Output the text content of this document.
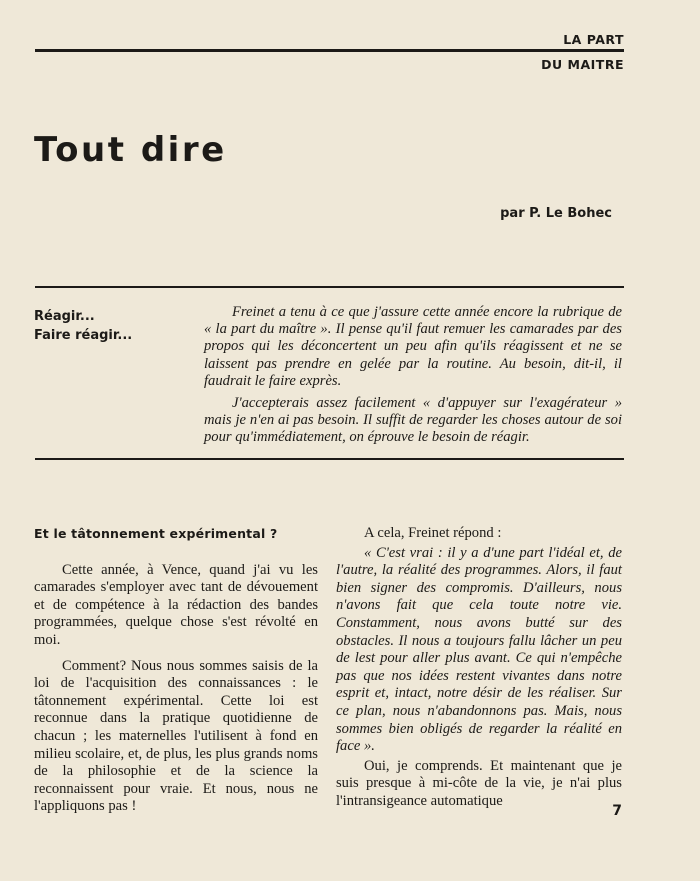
LA PART
DU MAITRE
Tout dire
par P. Le Bohec
Réagir...
Faire réagir...

Freinet a tenu à ce que j'assure cette année encore la rubrique de « la part du maître ». Il pense qu'il faut remuer les camarades par des propos qui les déconcertent un peu afin qu'ils réagissent et ne se laissent pas prendre en gelée par la routine. Au besoin, dit-il, il faudrait le faire exprès.

J'accepterais assez facilement « d'appuyer sur l'exagérateur » mais je n'en ai pas besoin. Il suffit de regarder les choses autour de soi pour qu'immédiatement, on éprouve le besoin de réagir.

Et le tâtonnement expérimental ?

Cette année, à Vence, quand j'ai vu les camarades s'employer avec tant de dévouement et de compétence à la rédaction des bandes programmées, quelque chose s'est révolté en moi.

Comment? Nous nous sommes saisis de la loi de l'acquisition des connaissances : le tâtonnement expérimental. Cette loi est reconnue dans la pratique quotidienne de chacun ; les maternelles l'utilisent à fond en milieu scolaire, et, de plus, les plus grands noms de la philosophie et de la science la reconnaissent pour vraie. Et nous, nous ne l'appliquons pas !

A cela, Freinet répond :

« C'est vrai : il y a d'une part l'idéal et, de l'autre, la réalité des programmes. Alors, il faut bien signer des compromis. D'ailleurs, nous n'avons fait que cela toute notre vie. Constamment, nous avons butté sur des obstacles. Il nous a toujours fallu lâcher un peu de lest pour aller plus avant. Ce qui n'empêche pas que nos idées restent vivantes dans notre esprit et, intact, notre désir de les réaliser. Sur ce plan, nous n'abandonnons pas. Mais, nous sommes bien obligés de regarder la réalité en face ».

Oui, je comprends. Et maintenant que je suis presque à mi-côte de la vie, je n'ai plus l'intransigeance automatique

7
